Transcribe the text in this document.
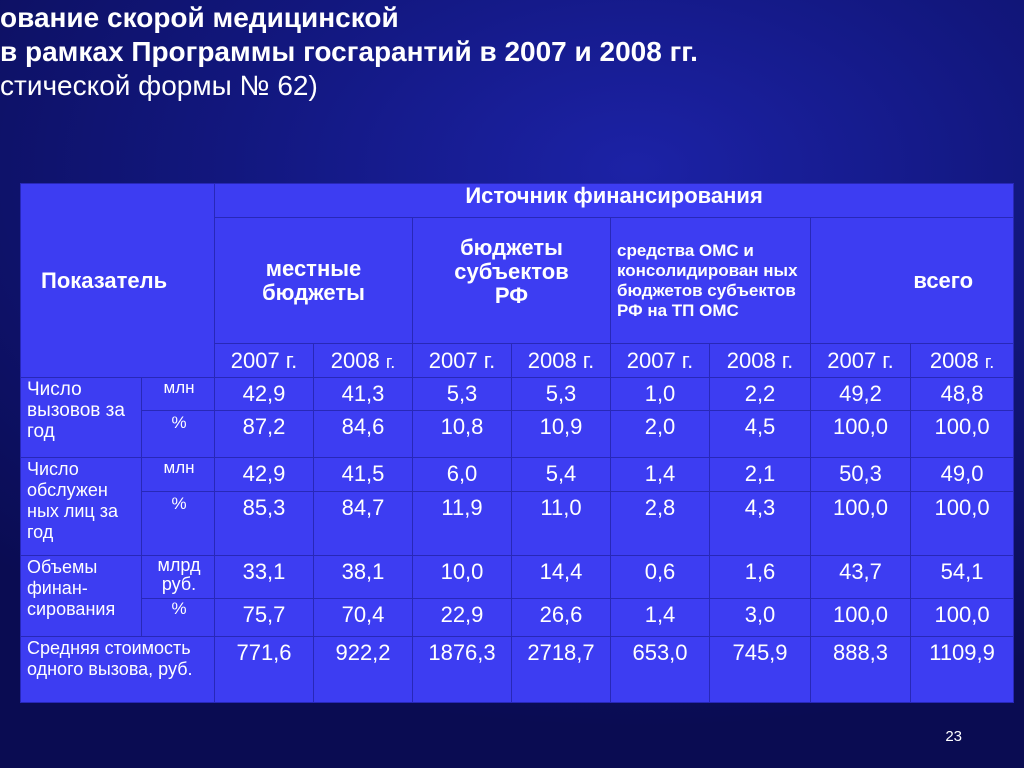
ование скорой медицинской
в рамках Программы госгарантий в 2007 и 2008 гг.
стической формы № 62)
Показатель		Источник финансирования							
		местные бюджеты		бюджеты субъектов РФ		средства ОМС и консолидирован ных бюджетов субъектов РФ на ТП ОМС		всего	
		2007 г.	2008 г.	2007 г.	2008 г.	2007 г.	2008 г.	2007 г.	2008 г.
Число вызовов за год	млн	42,9	41,3	5,3	5,3	1,0	2,2	49,2	48,8
	%	87,2	84,6	10,8	10,9	2,0	4,5	100,0	100,0
Число обслужен ных лиц за год	млн	42,9	41,5	6,0	5,4	1,4	2,1	50,3	49,0
	%	85,3	84,7	11,9	11,0	2,8	4,3	100,0	100,0
Объемы финан- сирования	млрд руб.	33,1	38,1	10,0	14,4	0,6	1,6	43,7	54,1
	%	75,7	70,4	22,9	26,6	1,4	3,0	100,0	100,0
Средняя стоимость одного вызова, руб.		771,6	922,2	1876,3	2718,7	653,0	745,9	888,3	1109,9
23
